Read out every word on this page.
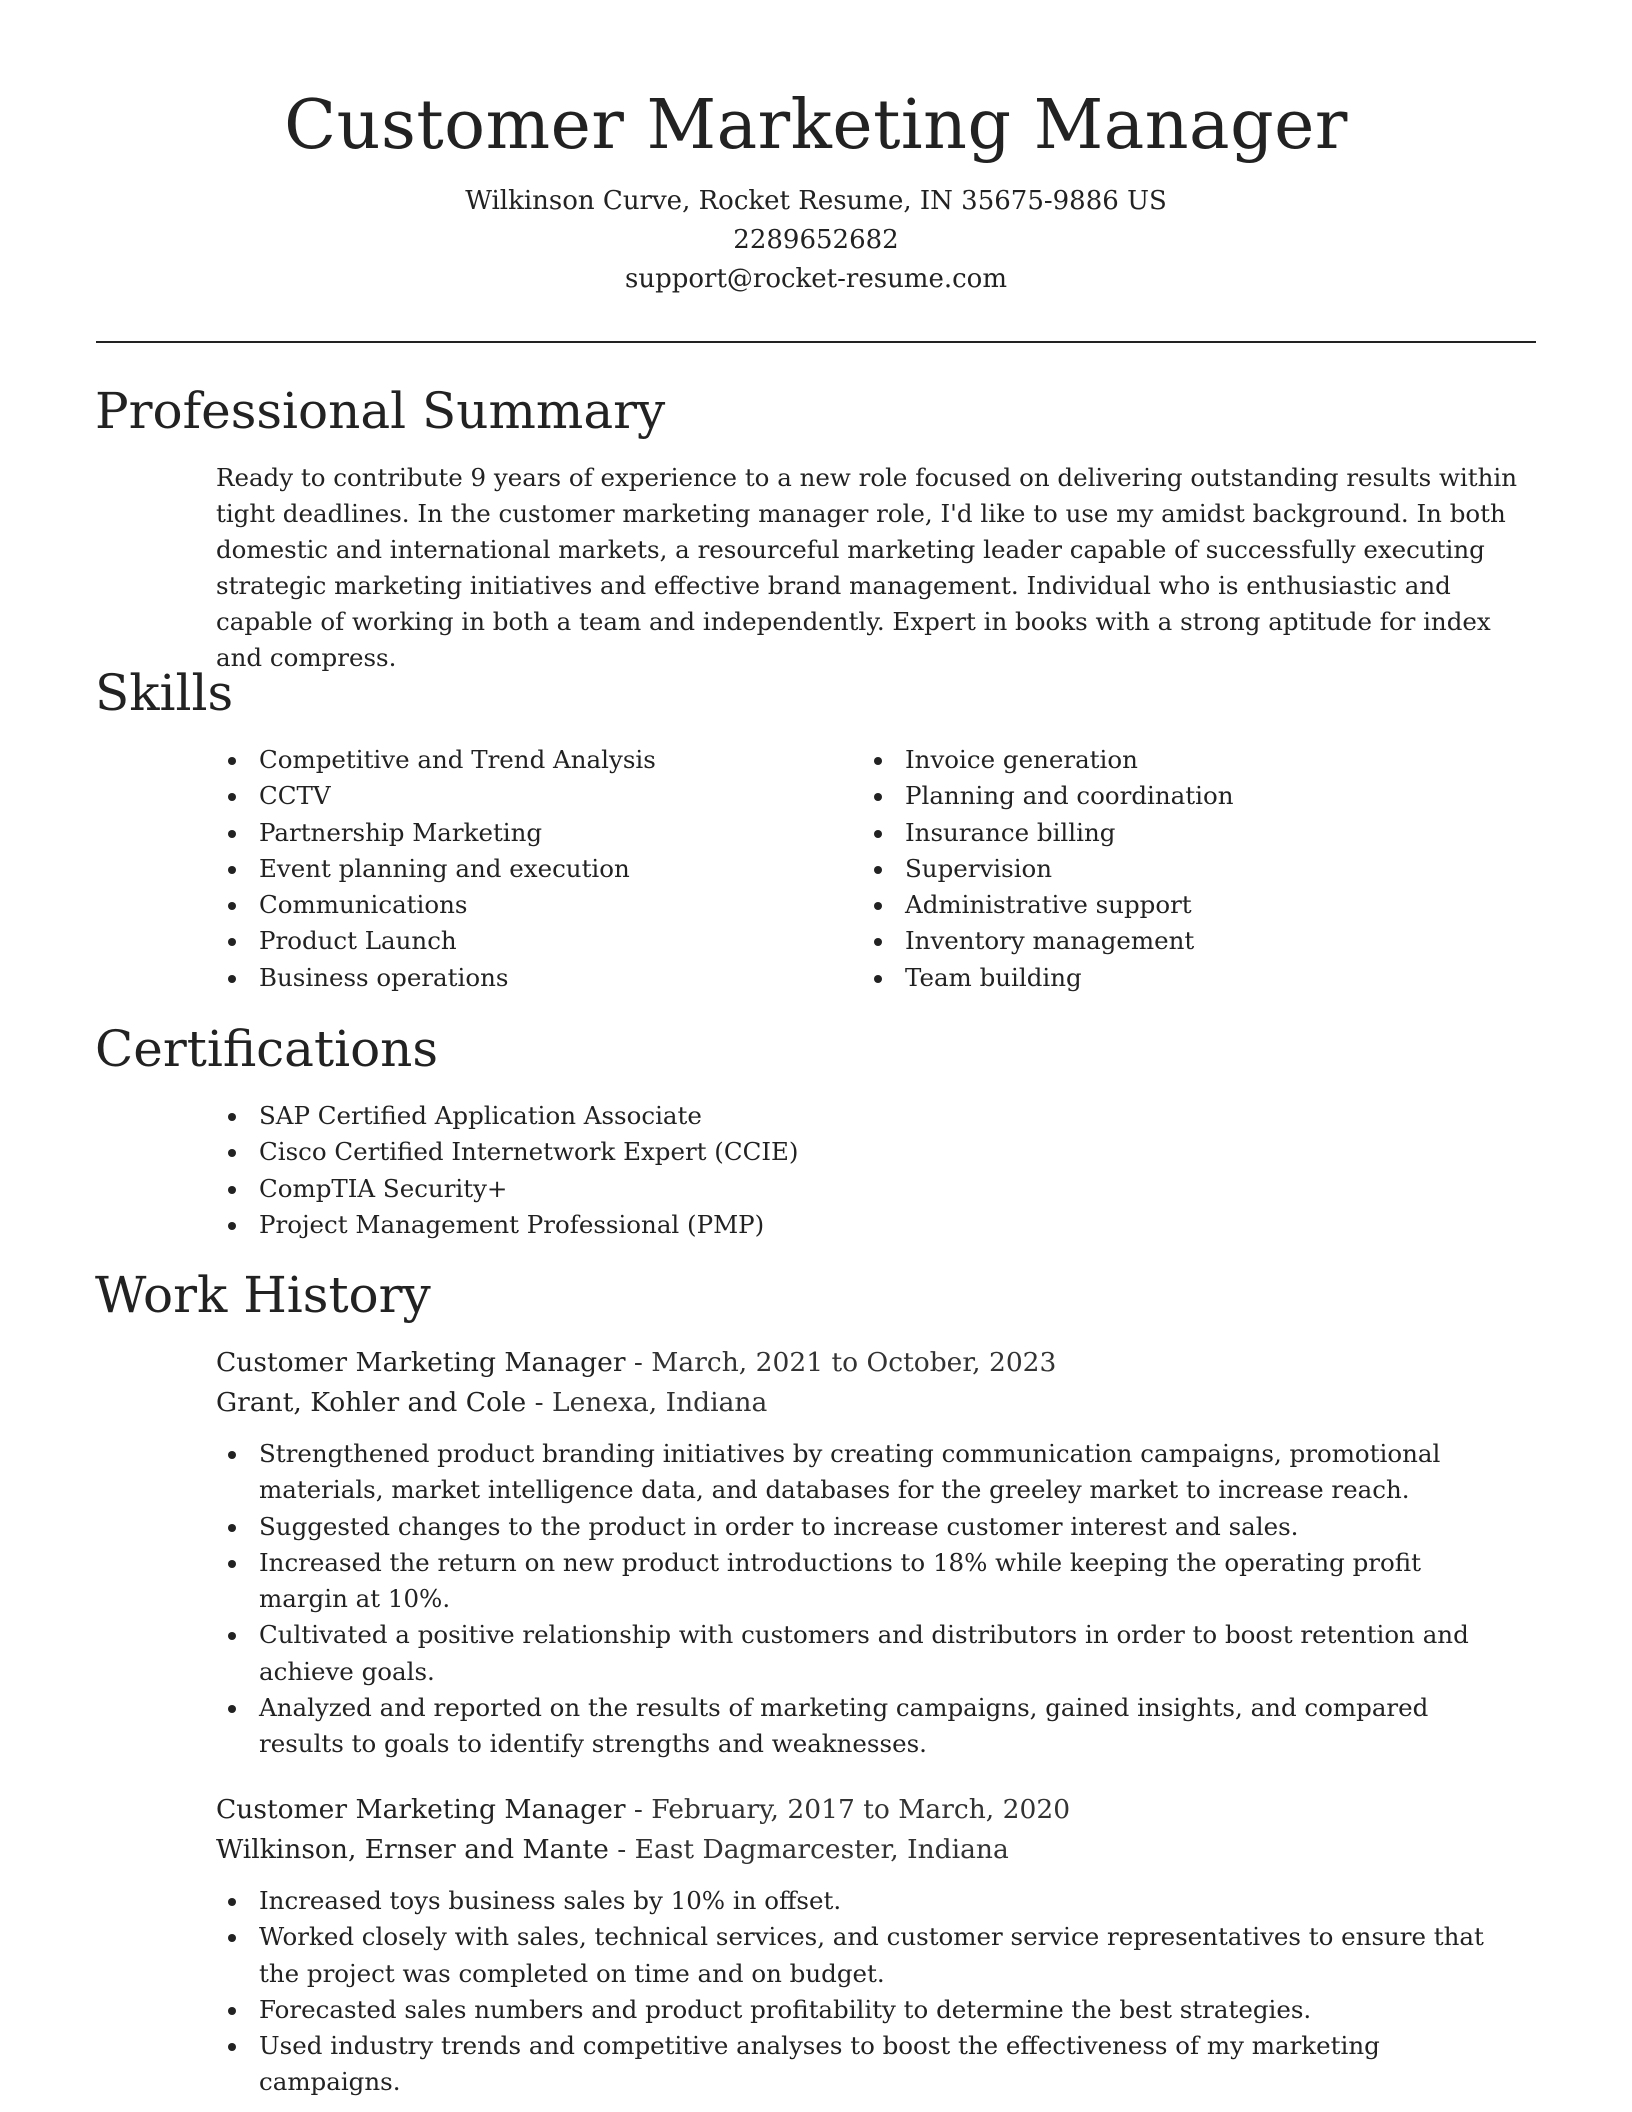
Customer Marketing Manager

Wilkinson Curve, Rocket Resume, IN 35675-9886 US

2289652682

support@rocket-resume.com

Professional Summary

Ready to contribute 9 years of experience to a new role focused on delivering outstanding results within tight deadlines. In the customer marketing manager role, I'd like to use my amidst background. In both domestic and international markets, a resourceful marketing leader capable of successfully executing strategic marketing initiatives and effective brand management. Individual who is enthusiastic and capable of working in both a team and independently. Expert in books with a strong aptitude for index and compress.

Skills
Competitive and Trend Analysis
CCTV
Partnership Marketing
Event planning and execution
Communications
Product Launch
Business operations
Invoice generation
Planning and coordination
Insurance billing
Supervision
Administrative support
Inventory management
Team building
Certifications
SAP Certified Application Associate
Cisco Certified Internetwork Expert (CCIE)
CompTIA Security+
Project Management Professional (PMP)
Work History
Customer Marketing Manager - March, 2021 to October, 2023
Grant, Kohler and Cole - Lenexa, Indiana
Strengthened product branding initiatives by creating communication campaigns, promotional materials, market intelligence data, and databases for the greeley market to increase reach.
Suggested changes to the product in order to increase customer interest and sales.
Increased the return on new product introductions to 18% while keeping the operating profit margin at 10%.
Cultivated a positive relationship with customers and distributors in order to boost retention and achieve goals.
Analyzed and reported on the results of marketing campaigns, gained insights, and compared results to goals to identify strengths and weaknesses.
Customer Marketing Manager - February, 2017 to March, 2020
Wilkinson, Ernser and Mante - East Dagmarcester, Indiana
Increased toys business sales by 10% in offset.
Worked closely with sales, technical services, and customer service representatives to ensure that the project was completed on time and on budget.
Forecasted sales numbers and product profitability to determine the best strategies.
Used industry trends and competitive analyses to boost the effectiveness of my marketing campaigns.
